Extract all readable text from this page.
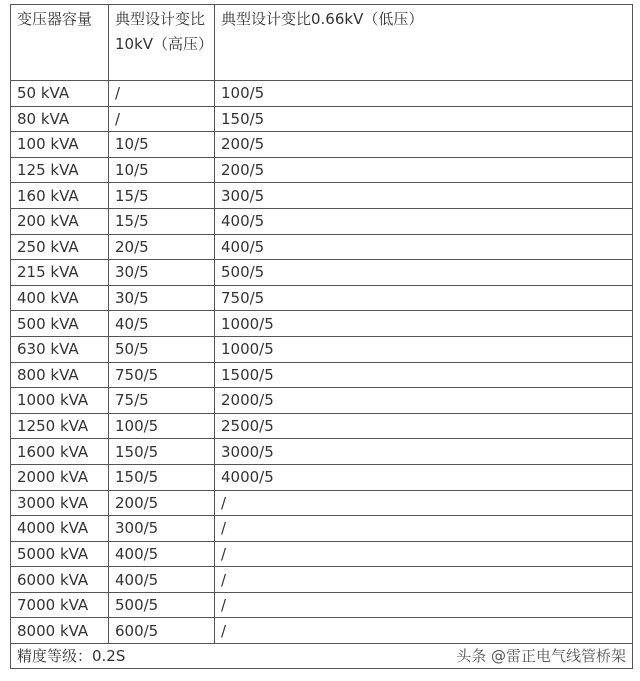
变压器容量	典型设计变比10kV（高压）	典型设计变比0.66kV（低压）
50 kVA	/	100/5
80 kVA	/	150/5
100 kVA	10/5	200/5
125 kVA	10/5	200/5
160 kVA	15/5	300/5
200 kVA	15/5	400/5
250 kVA	20/5	400/5
215 kVA	30/5	500/5
400 kVA	30/5	750/5
500 kVA	40/5	1000/5
630 kVA	50/5	1000/5
800 kVA	750/5	1500/5
1000 kVA	75/5	2000/5
1250 kVA	100/5	2500/5
1600 kVA	150/5	3000/5
2000 kVA	150/5	4000/5
3000 kVA	200/5	/
4000 kVA	300/5	/
5000 kVA	400/5	/
6000 kVA	400/5	/
7000 kVA	500/5	/
8000 kVA	600/5	/

精度等级：0.2S 头条 @雷正电气线管桥架		
